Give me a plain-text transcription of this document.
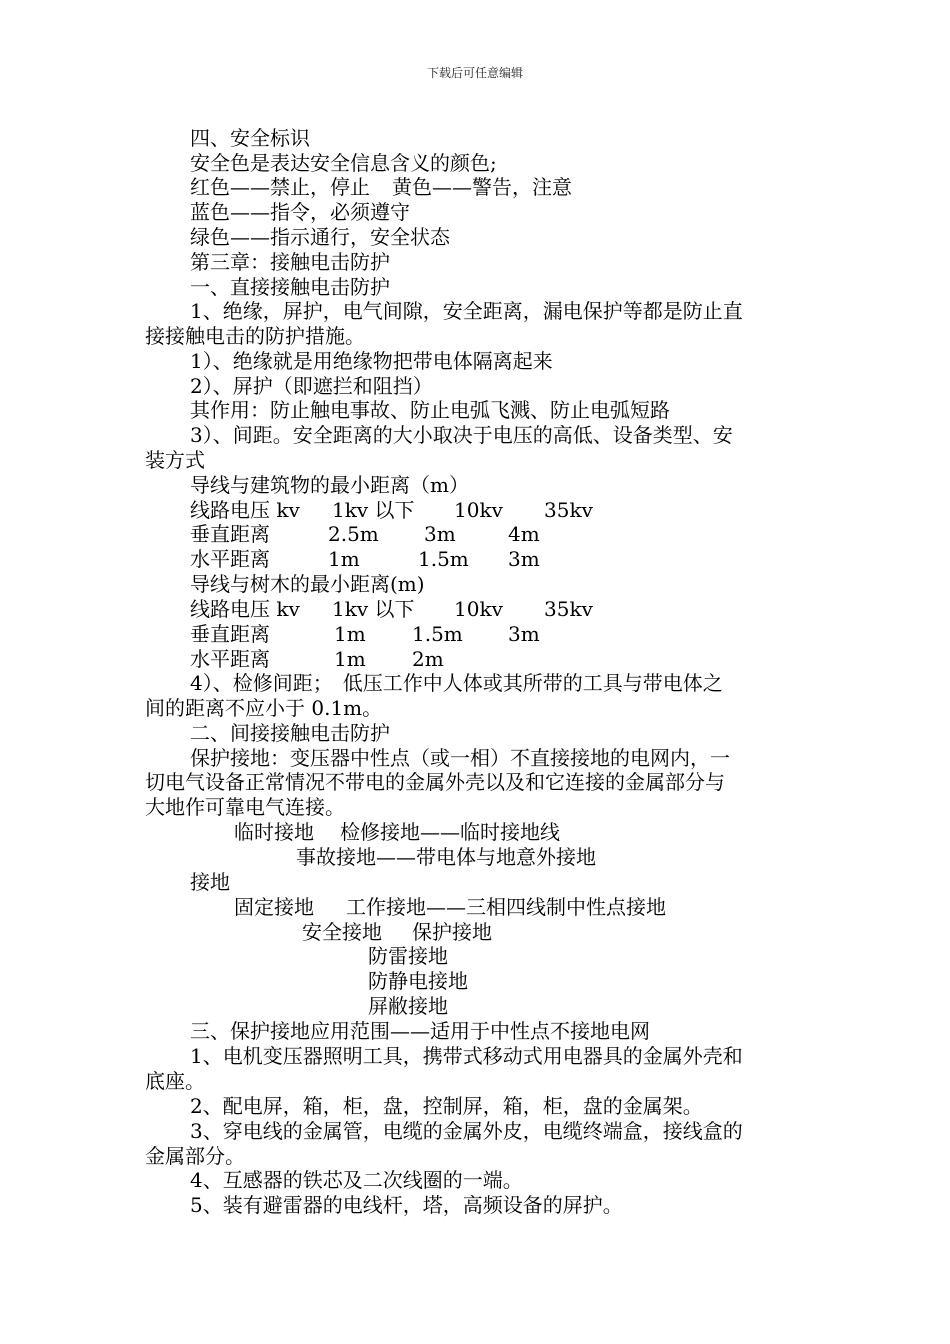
下载后可任意编辑
四、安全标识
安全色是表达安全信息含义的颜色;
红色——禁止，停止 黄色——警告，注意
蓝色——指令，必须遵守
绿色——指示通行，安全状态
第三章：接触电击防护
一、直接接触电击防护
1、绝缘，屏护，电气间隙，安全距离，漏电保护等都是防止直
接接触电击的防护措施。
1）、绝缘就是用绝缘物把带电体隔离起来
2）、屏护（即遮拦和阻挡）
其作用：防止触电事故、防止电弧飞溅、防止电弧短路
3）、间距。安全距离的大小取决于电压的高低、设备类型、安
装方式
导线与建筑物的最小距离（m）
线路电压 kv 1kv 以下 10kv 35kv
垂直距离	2.5m 3m	4m
水平距离	1m	1.5m 3m
导线与树木的最小距离(m)
线路电压 kv 1kv 以下 10kv 35kv
垂直距离	1m 1.5m 3m
水平距离	1m 2m
4）、检修间距；　低压工作中人体或其所带的工具与带电体之
间的距离不应小于 0.1m。
二、间接接触电击防护
保护接地：变压器中性点（或一相）不直接接地的电网内，一
切电气设备正常情况不带电的金属外壳以及和它连接的金属部分与
大地作可靠电气连接。
临时接地 检修接地——临时接地线
事故接地——带电体与地意外接地
接地
固定接地 工作接地——三相四线制中性点接地
安全接地 保护接地
防雷接地
防静电接地
屏敝接地
三、保护接地应用范围——适用于中性点不接地电网
1、电机变压器照明工具，携带式移动式用电器具的金属外壳和
底座。
2、配电屏，箱，柜，盘，控制屏，箱，柜，盘的金属架。
3、穿电线的金属管，电缆的金属外皮，电缆终端盒，接线盒的
金属部分。
4、互感器的铁芯及二次线圈的一端。
5、装有避雷器的电线杆，塔，高频设备的屏护。
